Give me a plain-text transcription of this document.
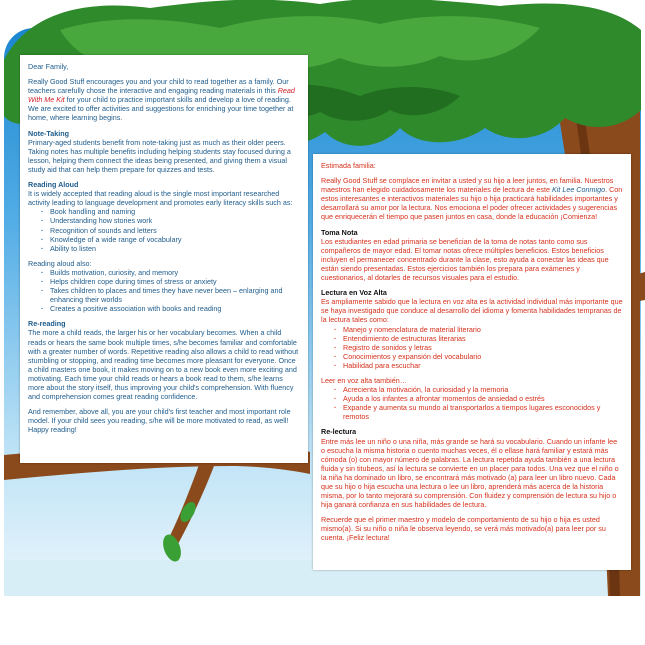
Dear Family,

Really Good Stuff encourages you and your child to read together as a family. Our teachers carefully chose the interactive and engaging reading materials in this Read With Me Kit for your child to practice important skills and develop a love of reading. We are excited to offer activities and suggestions for enriching your time together at home, where learning begins.

Note-Taking

Primary-aged students benefit from note-taking just as much as their older peers. Taking notes has multiple benefits including helping students stay focused during a lesson, helping them connect the ideas being presented, and giving them a visual study aid that can help them prepare for quizzes and tests.

Reading Aloud

It is widely accepted that reading aloud is the single most important researched activity leading to language development and promotes early literacy skills such as:

· Book handling and naming
· Understanding how stories work
· Recognition of sounds and letters
· Knowledge of a wide range of vocabulary
· Ability to listen

Reading aloud also:

· Builds motivation, curiosity, and memory
· Helps children cope during times of stress or anxiety
· Takes children to places and times they have never been – enlarging and enhancing their worlds
· Creates a positive association with books and reading

Re-reading

The more a child reads, the larger his or her vocabulary becomes. When a child reads or hears the same book multiple times, s/he becomes familiar and comfortable with a greater number of words. Repetitive reading also allows a child to read without stumbling or stopping, and reading time becomes more pleasant for everyone. Once a child masters one book, it makes moving on to a new book even more exciting and motivating. Each time your child reads or hears a book read to them, s/he learns more about the story itself, thus improving your child's comprehension. With fluency and comprehension comes great reading confidence.

And remember, above all, you are your child's first teacher and most important role model. If your child sees you reading, s/he will be more motivated to read, as well! Happy reading!

Estimada familia:

Really Good Stuff se complace en invitar a usted y su hijo a leer juntos, en familia. Nuestros maestros han elegido cuidadosamente los materiales de lectura de este Kit Lee Conmigo. Con estos interesantes e interactivos materiales su hijo o hija practicará habilidades importantes y desarrollará su amor por la lectura. Nos emociona el poder ofrecer actividades y sugerencias que enriquecerán el tiempo que pasen juntos en casa, donde la educación ¡Comienza!

Toma Nota

Los estudiantes en edad primaria se benefician de la toma de notas tanto como sus compañeros de mayor edad. El tomar notas ofrece múltiples beneficios. Estos beneficios incluyen el permanecer concentrado durante la clase, esto ayuda a conectar las ideas que están siendo presentadas. Estos ejercicios también los prepara para exámenes y cuestionarios, al dotarles de recursos visuales para el estudio.

Lectura en Voz Alta

Es ampliamente sabido que la lectura en voz alta es la actividad individual más importante que se haya investigado que conduce al desarrollo del idioma y fomenta habilidades tempranas de la lectura tales como:

· Manejo y nomenclatura de material literario
· Entendimiento de estructuras literarias
· Registro de sonidos y letras
· Conocimientos y expansión del vocabulario
· Habilidad para escuchar

Leer en voz alta también…

· Acrecienta la motivación, la curiosidad y la memoria
· Ayuda a los infantes a afrontar momentos de ansiedad o estrés
· Expande y aumenta su mundo al transportarlos a tiempos lugares esconocidos y remotos

Re-lectura

Entre más lee un niño o una niña, más grande se hará su vocabulario. Cuando un infante lee o escucha la misma historia o cuento muchas veces, él o ellase hará familiar y estará más cómoda (o) con mayor número de palabras. La lectura repetida ayuda también a una lectura fluida y sin titubeos, así la lectura se convierte en un placer para todos. Una vez que el niño o la niña ha dominado un libro, se encontrará más motivado (a) para leer un libro nuevo. Cada que su hijo o hija escucha una lectura o lee un libro, aprenderá más acerca de la historia misma, por lo tanto mejorará su comprensión. Con fluidez y comprensión de lectura su hijo o hija ganará confianza en sus habilidades de lectura.

Recuerde que el primer maestro y modelo de comportamiento de su hijo o hija es usted mismo(a). Si su niño o niña le observa leyendo, se verá más motivado(a) para leer por su cuenta. ¡Feliz lectura!
